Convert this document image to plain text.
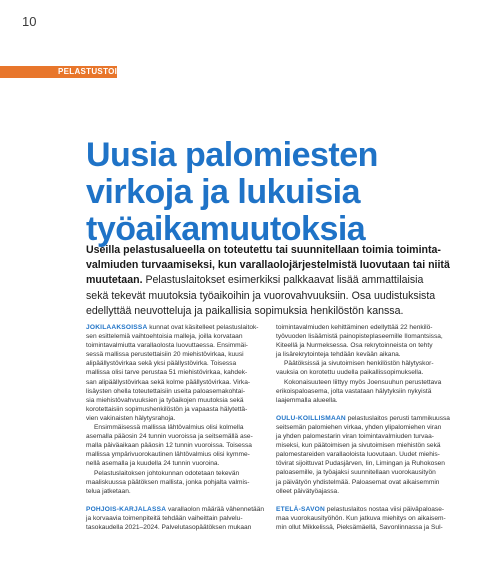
10
PELASTUSTOIMI
Uusia palomiesten
virkoja ja lukuisia
työaikamuutoksia
Useilla pelastusalueella on toteutettu tai suunnitellaan toimia toiminta-
valmiuden turvaamiseksi, kun varallaolojärjestelmistä luovutaan tai niitä
muutetaan. Pelastuslaitokset esimerkiksi palkkaavat lisää ammattilaisia
sekä tekevät muutoksia työaikoihin ja vuorovahvuuksiin. Osa uudistuksista
edellyttää neuvotteluja ja paikallisia sopimuksia henkilöstön kanssa.

JOKILAAKSOISSA kunnat ovat käsitelleet pelastuslaitok-
sen esittelemiä vaihtoehtoisia malleja, joilla korvataan
toimintavalmiutta varallaolosta luovuttaessa. Ensimmäi-
sessä mallissa perustettaisiin 20 miehistövirkaa, kuusi
alipäällystövirkaa sekä yksi päällystövirka. Toisessa
mallissa olisi tarve perustaa 51 miehistövirkaa, kahdek-
san alipäällystövirkaa sekä kolme päällystövirkaa. Virka-
lisäysten ohella toteutettaisiin useita paloasemakohtai-
sia miehistövahvuuksien ja työaikojen muutoksia sekä
korotettaisiin sopimushenkilöstön ja vapaasta hälytettä-
vien vakinaisten hälytysrahoja.

Ensimmäisessä mallissa lähtövalmius olisi kolmella
asemalla pääosin 24 tunnin vuoroissa ja seitsemällä ase-
malla päiväaikaan pääosin 12 tunnin vuoroissa. Toisessa
mallissa ympärivuorokautinen lähtövalmius olisi kymme-
nellä asemalla ja kuudella 24 tunnin vuoroina.

Pelastuslaitoksen johtokunnan odotetaan tekevän
maaliskuussa päätöksen mallista, jonka pohjalta valmis-
telua jatketaan.

POHJOIS-KARJALASSA varallaolon määrää vähennetään
ja korvaavia toimenpiteitä tehdään vaiheittain palvelu-
tasokaudella 2021–2024. Palvelutasopäätöksen mukaan

toimintavalmiuden kehittäminen edellyttää 22 henkilö-
työvuoden lisäämistä painopisteplaseemille Ilomantsissa,
Kiteellä ja Nurmeksessa. Osa rekrytoinneista on tehty
ja lisärekrytointeja tehdään kevään aikana.

Päätöksissä ja sivutoimisen henkilöstön hälytyskor-
vauksia on korotettu uudella paikallissopimuksella.

Kokonaisuuteen liittyy myös Joensuuhun perustettava
erikoispaloasema, jolta vastataan hälytyksiin nykyistä
laajemmalla alueella.

OULU-KOILLISMAAN pelastuslaitos perusti tammikuussa
seitsemän palomiehen virkaa, yhden ylipalomiehen viran
ja yhden palomestarin viran toimintavalmiuden turvaa-
miseksi, kun päätoimisen ja sivutoimisen miehistön sekä
palomestareiden varallaoloista luovutaan. Uudet miehis-
tövirat sijoittuvat Pudasjärven, Iin, Limingan ja Ruhokosen
paloasemille, ja työajaksi suunnitellaan vuorokausityön
ja päivätyön yhdistelmää. Paloasemat ovat aikaisemmin
olleet päivätyöajassa.

ETELÄ-SAVON pelastuslaitos nostaa viisi päiväpaloase-
maa vuorokausityöhön. Kun jatkuva miehitys on aikaisem-
min ollut Mikkelissä, Pieksämäellä, Savonlinnassa ja Sul-
